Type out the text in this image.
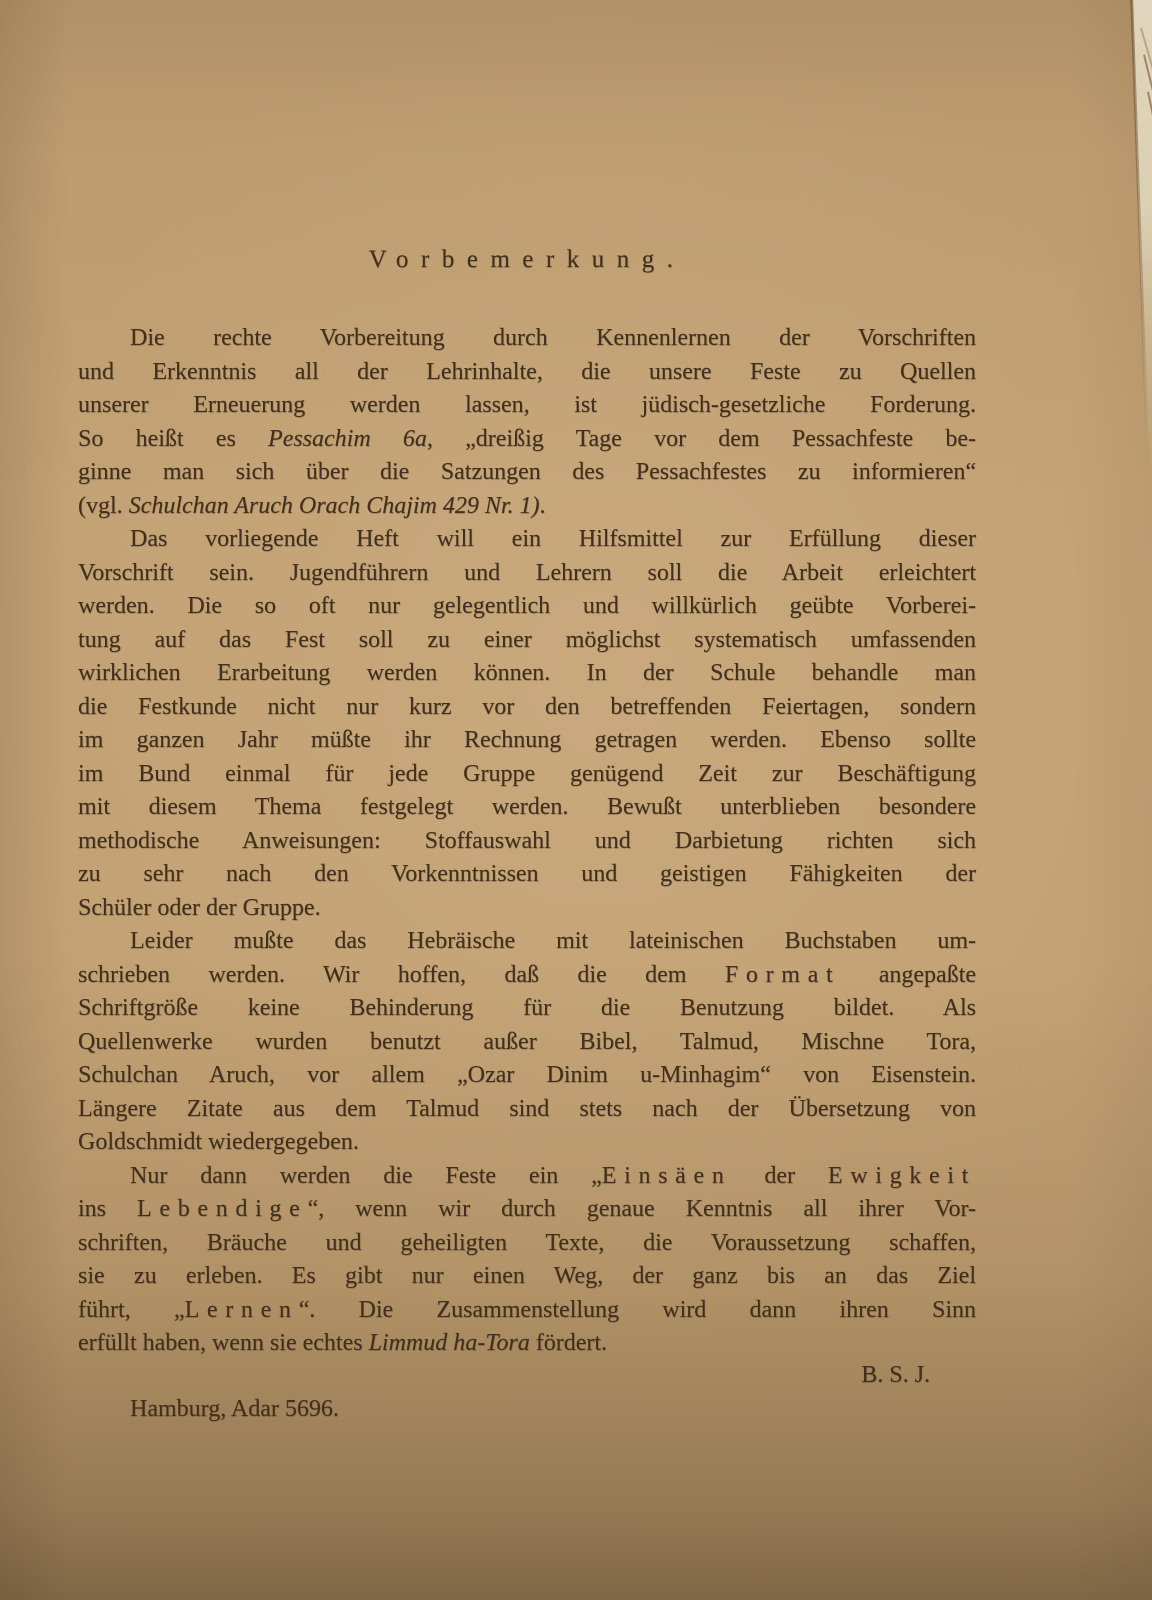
Vorbemerkung.
Die rechte Vorbereitung durch Kennenlernen der Vorschriften
und Erkenntnis all der Lehrinhalte, die unsere Feste zu Quellen
unserer Erneuerung werden lassen, ist jüdisch-gesetzliche Forderung.
So heißt es Pessachim 6a, „dreißig Tage vor dem Pessachfeste be-
ginne man sich über die Satzungen des Pessachfestes zu informieren“
(vgl. Schulchan Aruch Orach Chajim 429 Nr. 1).
Das vorliegende Heft will ein Hilfsmittel zur Erfüllung dieser
Vorschrift sein. Jugendführern und Lehrern soll die Arbeit erleichtert
werden. Die so oft nur gelegentlich und willkürlich geübte Vorberei-
tung auf das Fest soll zu einer möglichst systematisch umfassenden
wirklichen Erarbeitung werden können. In der Schule behandle man
die Festkunde nicht nur kurz vor den betreffenden Feiertagen, sondern
im ganzen Jahr müßte ihr Rechnung getragen werden. Ebenso sollte
im Bund einmal für jede Gruppe genügend Zeit zur Beschäftigung
mit diesem Thema festgelegt werden. Bewußt unterblieben besondere
methodische Anweisungen: Stoffauswahl und Darbietung richten sich
zu sehr nach den Vorkenntnissen und geistigen Fähigkeiten der
Schüler oder der Gruppe.
Leider mußte das Hebräische mit lateinischen Buchstaben um-
schrieben werden. Wir hoffen, daß die dem Format angepaßte
Schriftgröße keine Behinderung für die Benutzung bildet. Als
Quellenwerke wurden benutzt außer Bibel, Talmud, Mischne Tora,
Schulchan Aruch, vor allem „Ozar Dinim u-Minhagim“ von Eisenstein.
Längere Zitate aus dem Talmud sind stets nach der Übersetzung von
Goldschmidt wiedergegeben.
Nur dann werden die Feste ein „Einsäen der Ewigkeit
ins Lebendige“, wenn wir durch genaue Kenntnis all ihrer Vor-
schriften, Bräuche und geheiligten Texte, die Voraussetzung schaffen,
sie zu erleben. Es gibt nur einen Weg, der ganz bis an das Ziel
führt, „Lernen“. Die Zusammenstellung wird dann ihren Sinn
erfüllt haben, wenn sie echtes Limmud ha-Tora fördert.
B. S. J.
Hamburg, Adar 5696.
